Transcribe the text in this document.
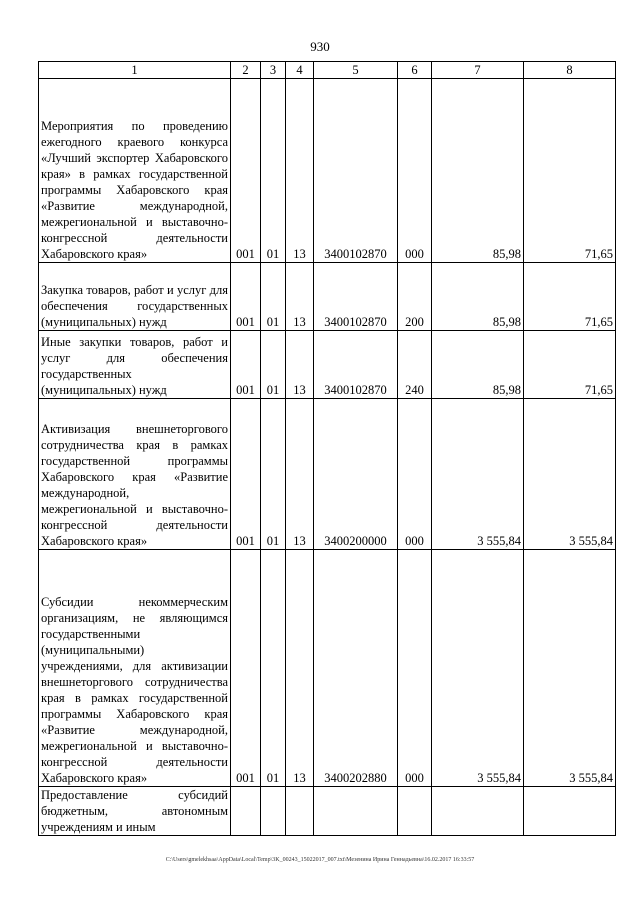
930
1	2	3	4	5	6	7	8
Мероприятия по проведению ежегодного краевого конкурса «Лучший экспортер Хабаровского края» в рамках государственной программы Хабаровского края «Развитие международной, межрегиональной и выставочно-конгрессной деятельности Хабаровского края»	001	01	13	3400102870	000	85,98	71,65
Закупка товаров, работ и услуг для обеспечения государственных (муниципальных) нужд	001	01	13	3400102870	200	85,98	71,65
Иные закупки товаров, работ и услуг для обеспечения государственных (муниципальных) нужд	001	01	13	3400102870	240	85,98	71,65
Активизация внешнеторгового сотрудничества края в рамках государственной программы Хабаровского края «Развитие международной, межрегиональной и выставочно-конгрессной деятельности Хабаровского края»	001	01	13	3400200000	000	3 555,84	3 555,84
Субсидии некоммерческим организациям, не являющимся государственными (муниципальными) учреждениями, для активизации внешнеторгового сотрудничества края в рамках государственной программы Хабаровского края «Развитие международной, межрегиональной и выставочно-конгрессной деятельности Хабаровского края»	001	01	13	3400202880	000	3 555,84	3 555,84
Предоставление субсидий бюджетным, автономным учреждениям и иным							
C:\Users\gmelekhsaa\AppData\Local\Temp\3K_00243_15022017_007.txt\Мезенина Ирина Геннадьевна\16.02.2017 16:33:57
